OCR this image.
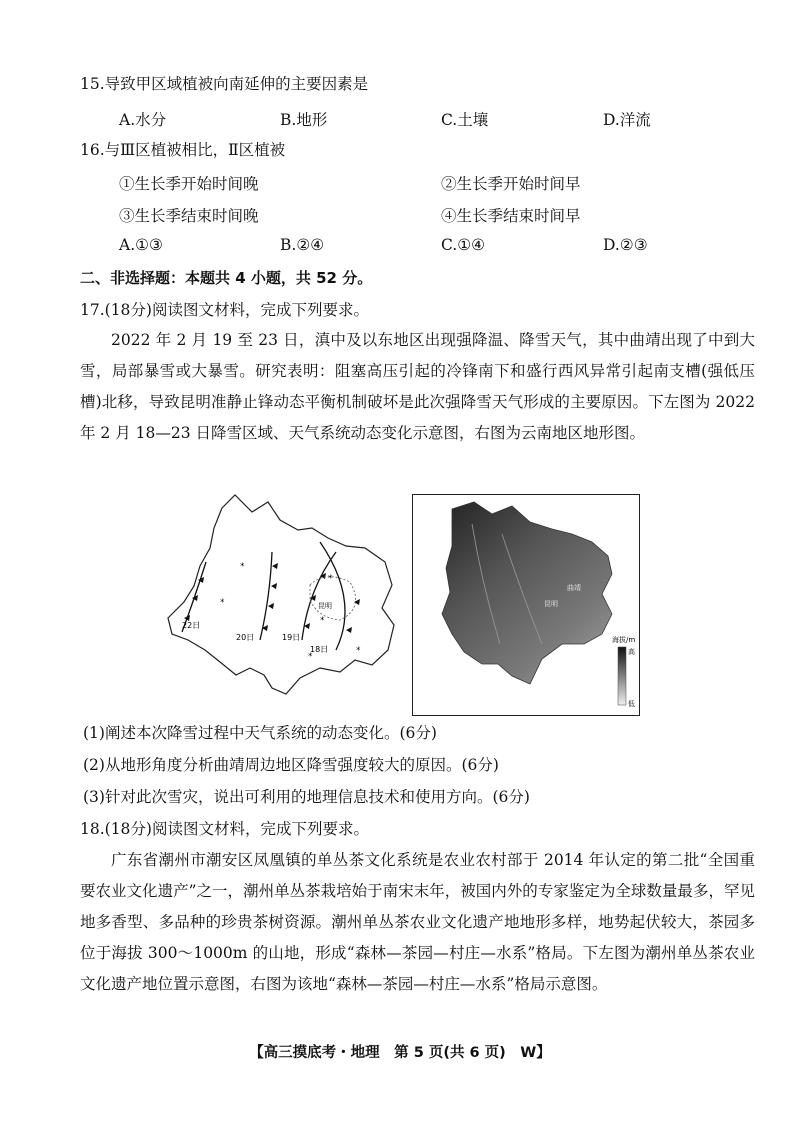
15.导致甲区域植被向南延伸的主要因素是
A.水分	B.地形	C.土壤	D.洋流
16.与Ⅲ区植被相比，Ⅱ区植被
①生长季开始时间晚	②生长季开始时间早
③生长季结束时间晚	④生长季结束时间早
A.①③	B.②④	C.①④	D.②③
二、非选择题：本题共 4 小题，共 52 分。
17.(18分)阅读图文材料，完成下列要求。

2022 年 2 月 19 至 23 日，滇中及以东地区出现强降温、降雪天气，其中曲靖出现了中到大雪，局部暴雪或大暴雪。研究表明：阻塞高压引起的冷锋南下和盛行西风异常引起南支槽(强低压槽)北移，导致昆明准静止锋动态平衡机制破坏是此次强降雪天气形成的主要原因。下左图为 2022 年 2 月 18—23 日降雪区域、天气系统动态变化示意图，右图为云南地区地形图。

22日
20日	19日
18日
昆明
⁎
⁎
⁎
⁎
⁎
⁎
昆明
曲靖
海拔/m
高
低
(1)阐述本次降雪过程中天气系统的动态变化。(6分)
(2)从地形角度分析曲靖周边地区降雪强度较大的原因。(6分)
(3)针对此次雪灾，说出可利用的地理信息技术和使用方向。(6分)
18.(18分)阅读图文材料，完成下列要求。

广东省潮州市潮安区凤凰镇的单丛茶文化系统是农业农村部于 2014 年认定的第二批“全国重要农业文化遗产”之一，潮州单丛茶栽培始于南宋末年，被国内外的专家鉴定为全球数量最多，罕见地多香型、多品种的珍贵茶树资源。潮州单丛茶农业文化遗产地地形多样，地势起伏较大，茶园多位于海拔 300～1000m 的山地，形成“森林—茶园—村庄—水系”格局。下左图为潮州单丛茶农业文化遗产地位置示意图，右图为该地“森林—茶园—村庄—水系”格局示意图。

【高三摸底考・地理　第 5 页(共 6 页)　W】
